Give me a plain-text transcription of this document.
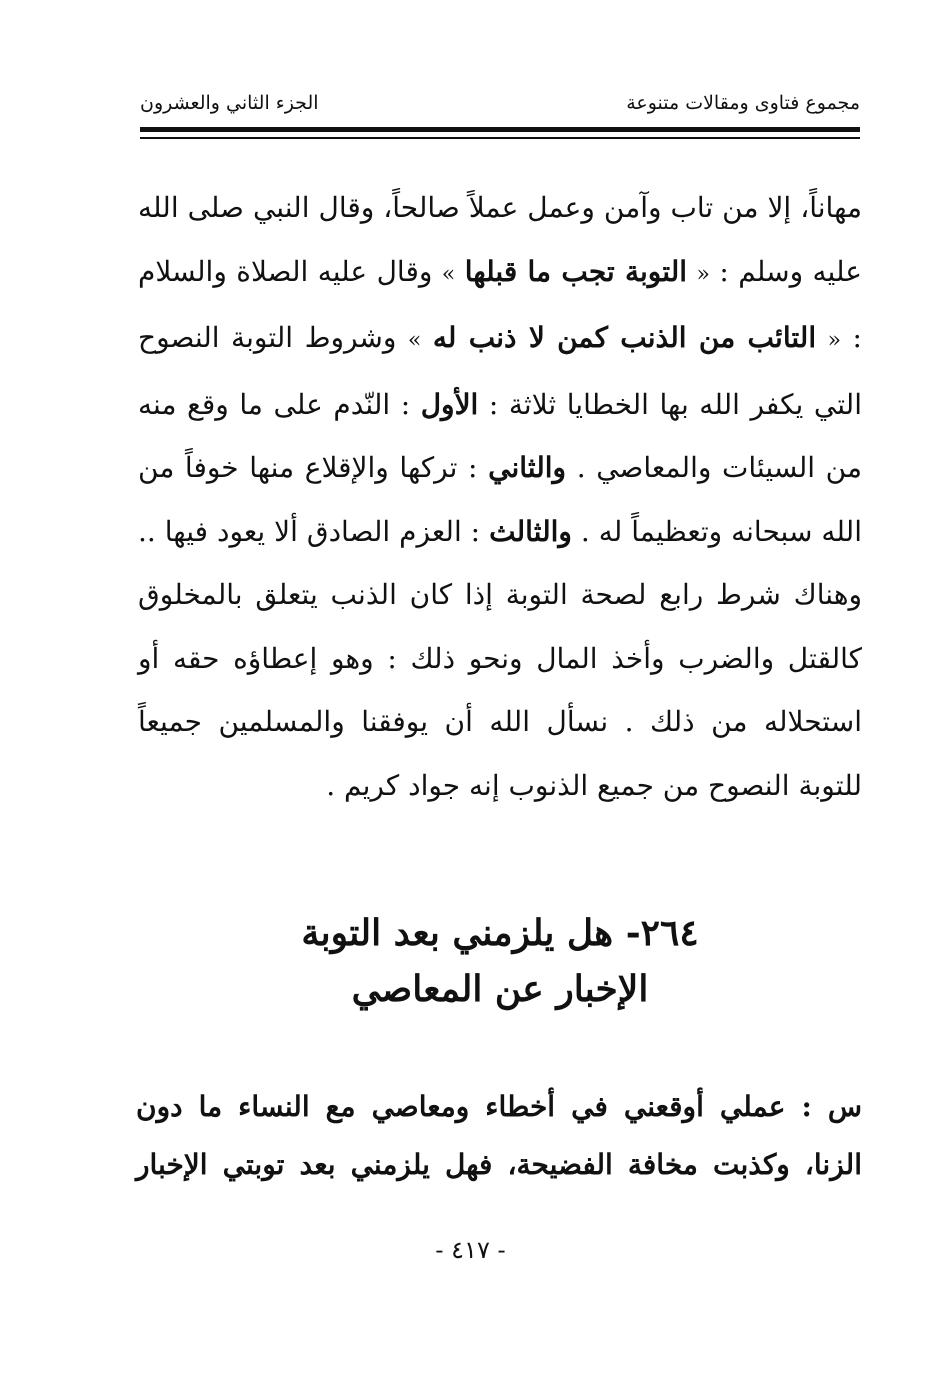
مجموع فتاوى ومقالات متنوعة
الجزء الثاني والعشرون

مهاناً، إلا من تاب وآمن وعمل عملاً صالحاً، وقال النبي صلى الله عليه وسلم : « التوبة تجب ما قبلها » وقال عليه الصلاة والسلام : « التائب من الذنب كمن لا ذنب له » وشروط التوبة النصوح التي يكفر الله بها الخطايا ثلاثة : الأول : النّدم على ما وقع منه من السيئات والمعاصي . والثاني : تركها والإقلاع منها خوفاً من الله سبحانه وتعظيماً له . والثالث : العزم الصادق ألا يعود فيها .. وهناك شرط رابع لصحة التوبة إذا كان الذنب يتعلق بالمخلوق كالقتل والضرب وأخذ المال ونحو ذلك : وهو إعطاؤه حقه أو استحلاله من ذلك . نسأل الله أن يوفقنا والمسلمين جميعاً للتوبة النصوح من جميع الذنوب إنه جواد كريم .

٢٦٤- هل يلزمني بعد التوبة
الإخبار عن المعاصي
س : عملي أوقعني في أخطاء ومعاصي مع النساء ما دون الزنا، وكذبت مخافة الفضيحة، فهل يلزمني بعد توبتي الإخبار
- ٤١٧ -
